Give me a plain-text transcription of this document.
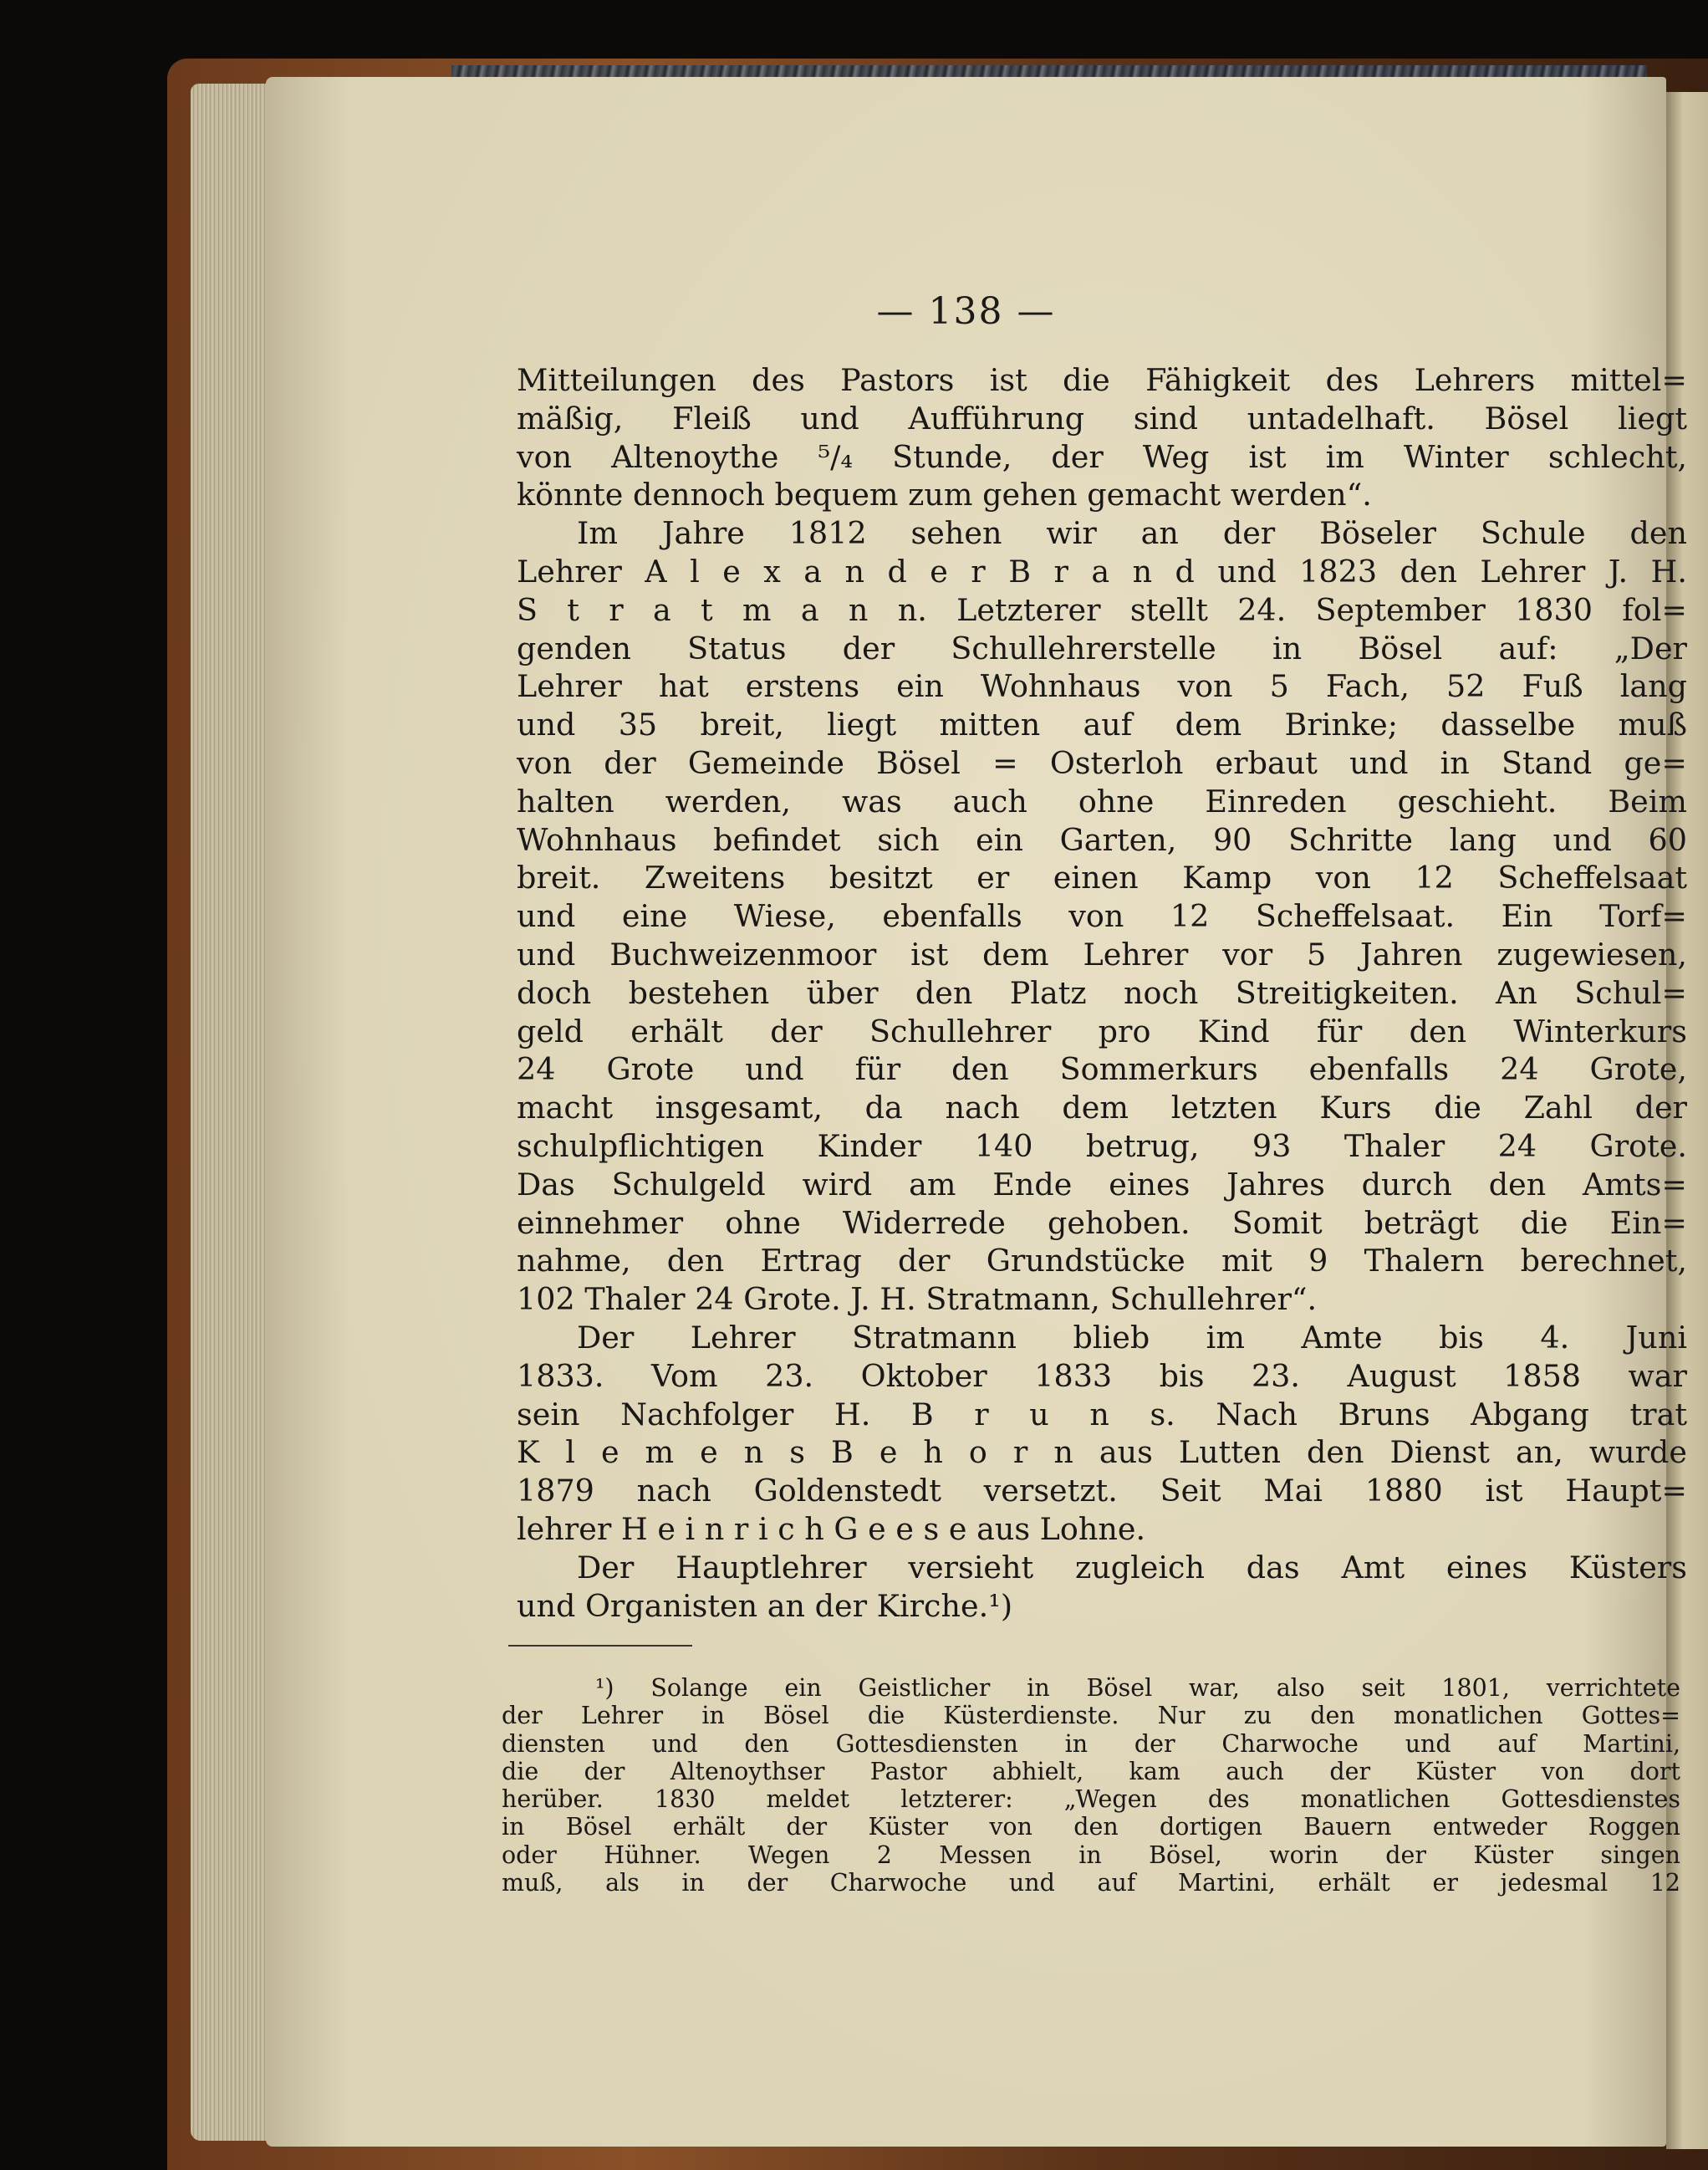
— 138 —
Mitteilungen des Pastors ist die Fähigkeit des Lehrers mittel=
mäßig, Fleiß und Aufführung sind untadelhaft. Bösel liegt
von Altenoythe ⁵/₄ Stunde, der Weg ist im Winter schlecht,
könnte dennoch bequem zum gehen gemacht werden“.
Im Jahre 1812 sehen wir an der Böseler Schule den
Lehrer A l e x a n d e r B r a n d und 1823 den Lehrer J. H.
S t r a t m a n n. Letzterer stellt 24. September 1830 fol=
genden Status der Schullehrerstelle in Bösel auf: „Der
Lehrer hat erstens ein Wohnhaus von 5 Fach, 52 Fuß lang
und 35 breit, liegt mitten auf dem Brinke; dasselbe muß
von der Gemeinde Bösel = Osterloh erbaut und in Stand ge=
halten werden, was auch ohne Einreden geschieht. Beim
Wohnhaus befindet sich ein Garten, 90 Schritte lang und 60
breit. Zweitens besitzt er einen Kamp von 12 Scheffelsaat
und eine Wiese, ebenfalls von 12 Scheffelsaat. Ein Torf=
und Buchweizenmoor ist dem Lehrer vor 5 Jahren zugewiesen,
doch bestehen über den Platz noch Streitigkeiten. An Schul=
geld erhält der Schullehrer pro Kind für den Winterkurs
24 Grote und für den Sommerkurs ebenfalls 24 Grote,
macht insgesamt, da nach dem letzten Kurs die Zahl der
schulpflichtigen Kinder 140 betrug, 93 Thaler 24 Grote.
Das Schulgeld wird am Ende eines Jahres durch den Amts=
einnehmer ohne Widerrede gehoben. Somit beträgt die Ein=
nahme, den Ertrag der Grundstücke mit 9 Thalern berechnet,
102 Thaler 24 Grote. J. H. Stratmann, Schullehrer“.
Der Lehrer Stratmann blieb im Amte bis 4. Juni
1833. Vom 23. Oktober 1833 bis 23. August 1858 war
sein Nachfolger H. B r u n s. Nach Bruns Abgang trat
K l e m e n s B e h o r n aus Lutten den Dienst an, wurde
1879 nach Goldenstedt versetzt. Seit Mai 1880 ist Haupt=
lehrer H e i n r i c h G e e s e aus Lohne.
Der Hauptlehrer versieht zugleich das Amt eines Küsters
und Organisten an der Kirche.¹)
¹) Solange ein Geistlicher in Bösel war, also seit 1801, verrichtete
der Lehrer in Bösel die Küsterdienste. Nur zu den monatlichen Gottes=
diensten und den Gottesdiensten in der Charwoche und auf Martini,
die der Altenoythser Pastor abhielt, kam auch der Küster von dort
herüber. 1830 meldet letzterer: „Wegen des monatlichen Gottesdienstes
in Bösel erhält der Küster von den dortigen Bauern entweder Roggen
oder Hühner. Wegen 2 Messen in Bösel, worin der Küster singen
muß, als in der Charwoche und auf Martini, erhält er jedesmal 12
